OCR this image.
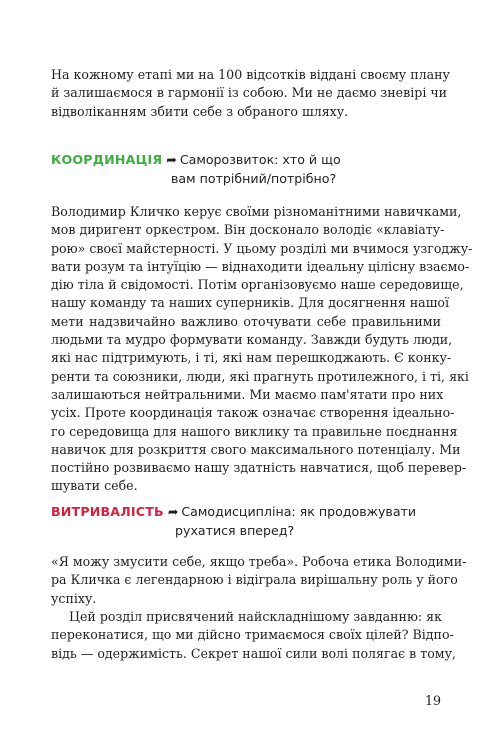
На кожному етапі ми на 100 відсотків віддані своєму плану
й залишаємося в гармонії із собою. Ми не даємо зневірі чи
відволіканням збити себе з обраного шляху.
КООРДИНАЦІЯ ➦ Саморозвиток: хто й що
вам потрібний/потрібно?
Володимир Кличко керує своїми різноманітними навичками,
мов диригент оркестром. Він досконало володіє «клавіату-
рою» своєї майстерності. У цьому розділі ми вчимося узгоджу-
вати розум та інтуїцію — віднаходити ідеальну цілісну взаємо-
дію тіла й свідомості. Потім організовуємо наше середовище,
нашу команду та наших суперників. Для досягнення нашої
мети надзвичайно важливо оточувати себе правильними
людьми та мудро формувати команду. Завжди будуть люди,
які нас підтримують, і ті, які нам перешкоджають. Є конку-
ренти та союзники, люди, які прагнуть протилежного, і ті, які
залишаються нейтральними. Ми маємо пам'ятати про них
усіх. Проте координація також означає створення ідеально-
го середовища для нашого виклику та правильне поєднання
навичок для розкриття свого максимального потенціалу. Ми
постійно розвиваємо нашу здатність навчатися, щоб перевер-
шувати себе.
ВИТРИВАЛІСТЬ ➦ Самодисципліна: як продовжувати
рухатися вперед?
«Я можу змусити себе, якщо треба». Робоча етика Володими-
ра Кличка є легендарною і відіграла вирішальну роль у його
успіху.
Цей розділ присвячений найскладнішому завданню: як
переконатися, що ми дійсно тримаємося своїх цілей? Відпо-
відь — одержимість. Секрет нашої сили волі полягає в тому,
19
